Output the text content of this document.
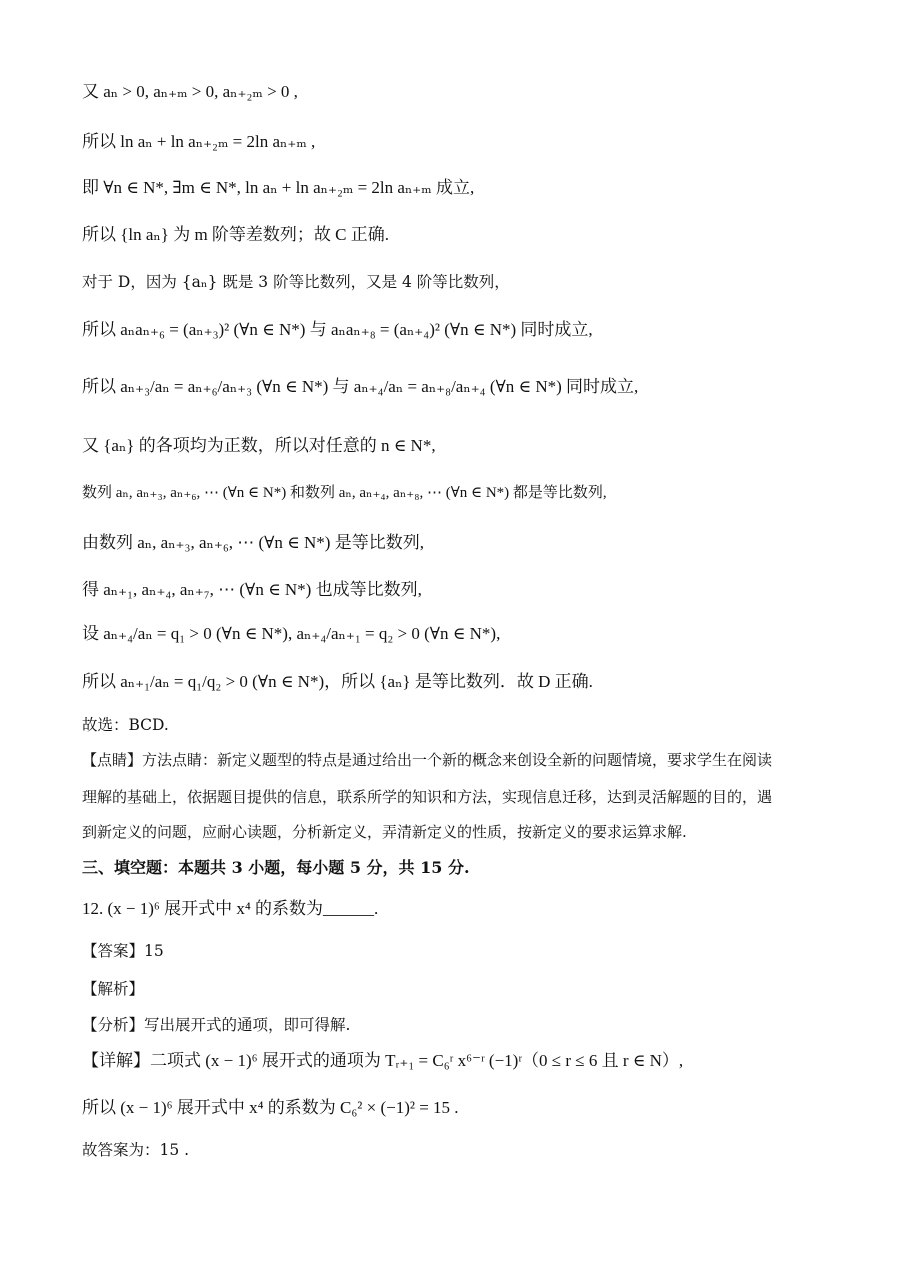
又 aₙ > 0, aₙ₊ₘ > 0, aₙ₊₂ₘ > 0 ,
所以 ln aₙ + ln aₙ₊₂ₘ = 2ln aₙ₊ₘ ,
即 ∀n ∈ N*, ∃m ∈ N*, ln aₙ + ln aₙ₊₂ₘ = 2ln aₙ₊ₘ 成立,
所以 {ln aₙ} 为 m 阶等差数列；故 C 正确.
对于 D，因为 {aₙ} 既是 3 阶等比数列，又是 4 阶等比数列，
所以 aₙaₙ₊₆ = (aₙ₊₃)² (∀n ∈ N*) 与 aₙaₙ₊₈ = (aₙ₊₄)² (∀n ∈ N*) 同时成立,
所以 aₙ₊₃/aₙ = aₙ₊₆/aₙ₊₃ (∀n ∈ N*) 与 aₙ₊₄/aₙ = aₙ₊₈/aₙ₊₄ (∀n ∈ N*) 同时成立,
又 {aₙ} 的各项均为正数，所以对任意的 n ∈ N*,
数列 aₙ, aₙ₊₃, aₙ₊₆, ⋯ (∀n ∈ N*) 和数列 aₙ, aₙ₊₄, aₙ₊₈, ⋯ (∀n ∈ N*) 都是等比数列,
由数列 aₙ, aₙ₊₃, aₙ₊₆, ⋯ (∀n ∈ N*) 是等比数列,
得 aₙ₊₁, aₙ₊₄, aₙ₊₇, ⋯ (∀n ∈ N*) 也成等比数列,
设 aₙ₊₄/aₙ = q₁ > 0 (∀n ∈ N*), aₙ₊₄/aₙ₊₁ = q₂ > 0 (∀n ∈ N*),
所以 aₙ₊₁/aₙ = q₁/q₂ > 0 (∀n ∈ N*)，所以 {aₙ} 是等比数列．故 D 正确.
故选：BCD.
【点睛】方法点睛：新定义题型的特点是通过给出一个新的概念来创设全新的问题情境，要求学生在阅读
理解的基础上，依据题目提供的信息，联系所学的知识和方法，实现信息迁移，达到灵活解题的目的，遇
到新定义的问题，应耐心读题，分析新定义，弄清新定义的性质，按新定义的要求运算求解.
三、填空题：本题共 3 小题，每小题 5 分，共 15 分.
12. (x − 1)⁶ 展开式中 x⁴ 的系数为______.
【答案】15
【解析】
【分析】写出展开式的通项，即可得解.
【详解】二项式 (x − 1)⁶ 展开式的通项为 Tᵣ₊₁ = C₆ʳ x⁶⁻ʳ (−1)ʳ（0 ≤ r ≤ 6 且 r ∈ N）,
所以 (x − 1)⁶ 展开式中 x⁴ 的系数为 C₆² × (−1)² = 15 .
故答案为：15 .
